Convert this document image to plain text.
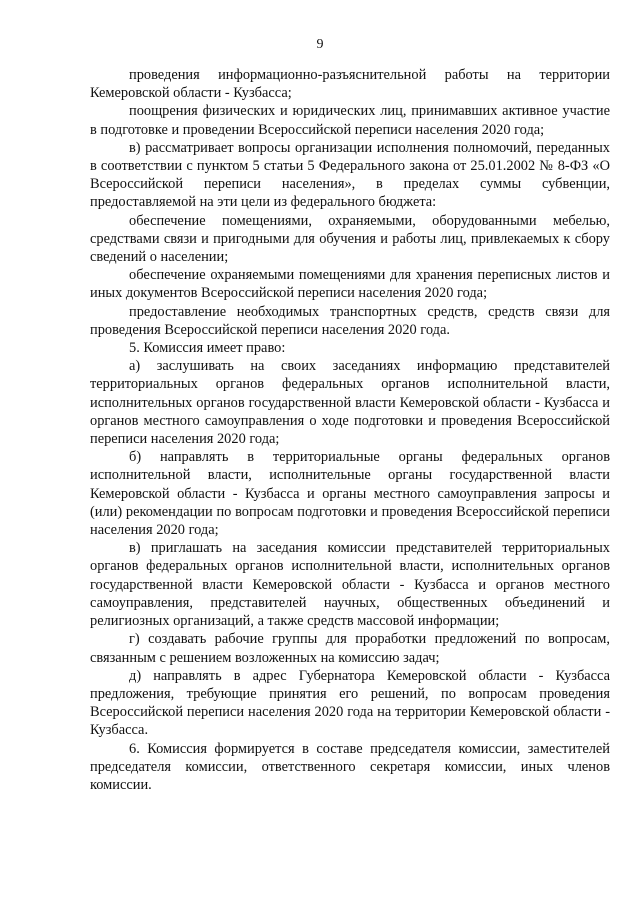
9

проведения информационно-разъяснительной работы на территории Кемеровской области - Кузбасса;

поощрения физических и юридических лиц, принимавших активное участие в подготовке и проведении Всероссийской переписи населения 2020 года;

в) рассматривает вопросы организации исполнения полномочий, переданных в соответствии с пунктом 5 статьи 5 Федерального закона от 25.01.2002 № 8-ФЗ «О Всероссийской переписи населения», в пределах суммы субвенции, предоставляемой на эти цели из федерального бюджета:

обеспечение помещениями, охраняемыми, оборудованными мебелью, средствами связи и пригодными для обучения и работы лиц, привлекаемых к сбору сведений о населении;

обеспечение охраняемыми помещениями для хранения переписных листов и иных документов Всероссийской переписи населения 2020 года;

предоставление необходимых транспортных средств, средств связи для проведения Всероссийской переписи населения 2020 года.

5. Комиссия имеет право:

а) заслушивать на своих заседаниях информацию представителей территориальных органов федеральных органов исполнительной власти, исполнительных органов государственной власти Кемеровской области - Кузбасса и органов местного самоуправления о ходе подготовки и проведения Всероссийской переписи населения 2020 года;

б) направлять в территориальные органы федеральных органов исполнительной власти, исполнительные органы государственной власти Кемеровской области - Кузбасса и органы местного самоуправления запросы и (или) рекомендации по вопросам подготовки и проведения Всероссийской переписи населения 2020 года;

в) приглашать на заседания комиссии представителей территориальных органов федеральных органов исполнительной власти, исполнительных органов государственной власти Кемеровской области - Кузбасса и органов местного самоуправления, представителей научных, общественных объединений и религиозных организаций, а также средств массовой информации;

г) создавать рабочие группы для проработки предложений по вопросам, связанным с решением возложенных на комиссию задач;

д) направлять в адрес Губернатора Кемеровской области - Кузбасса предложения, требующие принятия его решений, по вопросам проведения Всероссийской переписи населения 2020 года на территории Кемеровской области - Кузбасса.

6. Комиссия формируется в составе председателя комиссии, заместителей председателя комиссии, ответственного секретаря комиссии, иных членов комиссии.
